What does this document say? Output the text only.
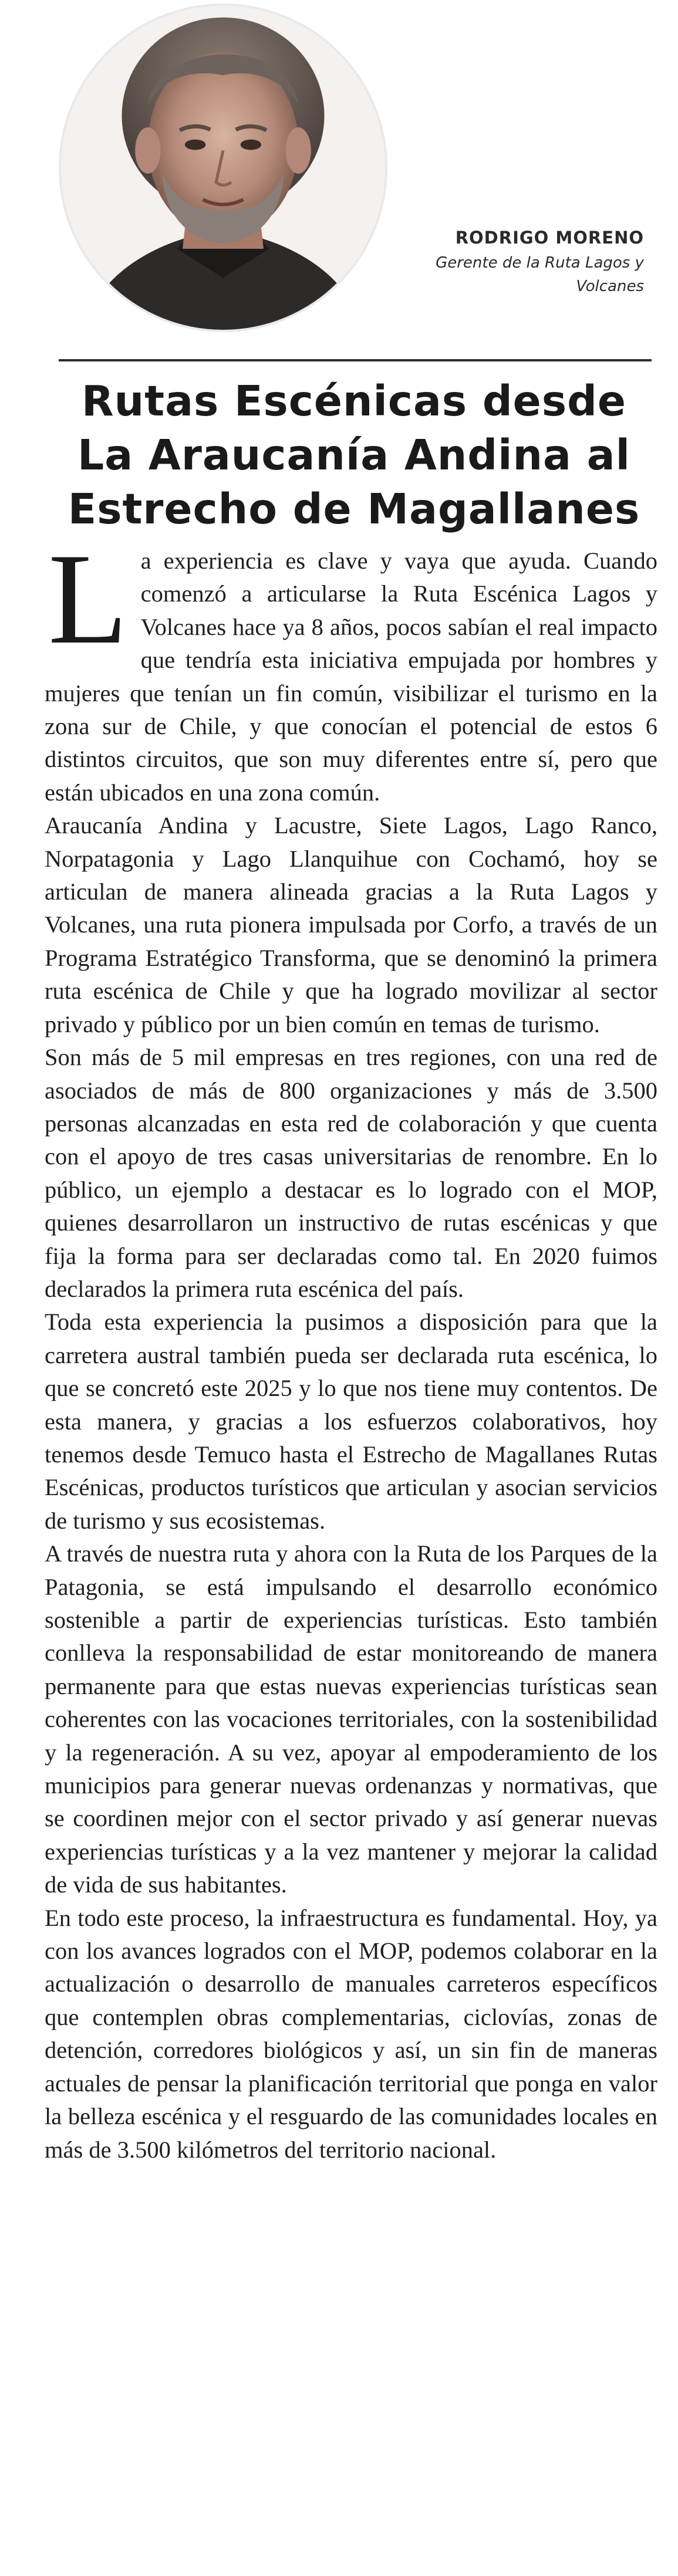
RODRIGO MORENO
Gerente de la Ruta Lagos y Volcanes
Rutas Escénicas desde La Araucanía Andina al Estrecho de Magallanes

La experiencia es clave y vaya que ayuda. Cuando comenzó a articularse la Ruta Escénica Lagos y Volcanes hace ya 8 años, pocos sabían el real impacto que tendría esta iniciativa empujada por hombres y mujeres que tenían un fin común, visibilizar el turismo en la zona sur de Chile, y que conocían el potencial de estos 6 distintos circuitos, que son muy diferentes entre sí, pero que están ubicados en una zona común.

Araucanía Andina y Lacustre, Siete Lagos, Lago Ranco, Norpatagonia y Lago Llanquihue con Cochamó, hoy se articulan de manera alineada gracias a la Ruta Lagos y Volcanes, una ruta pionera impulsada por Corfo, a través de un Programa Estratégico Transforma, que se denominó la primera ruta escénica de Chile y que ha logrado movilizar al sector privado y público por un bien común en temas de turismo.

Son más de 5 mil empresas en tres regiones, con una red de asociados de más de 800 organizaciones y más de 3.500 personas alcanzadas en esta red de colaboración y que cuenta con el apoyo de tres casas universitarias de renombre. En lo público, un ejemplo a destacar es lo logrado con el MOP, quienes desarrollaron un instructivo de rutas escénicas y que fija la forma para ser declaradas como tal. En 2020 fuimos declarados la primera ruta escénica del país.

Toda esta experiencia la pusimos a disposición para que la carretera austral también pueda ser declarada ruta escénica, lo que se concretó este 2025 y lo que nos tiene muy contentos. De esta manera, y gracias a los esfuerzos colaborativos, hoy tenemos desde Temuco hasta el Estrecho de Magallanes Rutas Escénicas, productos turísticos que articulan y asocian servicios de turismo y sus ecosistemas.

A través de nuestra ruta y ahora con la Ruta de los Parques de la Patagonia, se está impulsando el desarrollo económico sostenible a partir de experiencias turísticas. Esto también conlleva la responsabilidad de estar monitoreando de manera permanente para que estas nuevas experiencias turísticas sean coherentes con las vocaciones territoriales, con la sostenibilidad y la regeneración. A su vez, apoyar al empoderamiento de los municipios para generar nuevas ordenanzas y normativas, que se coordinen mejor con el sector privado y así generar nuevas experiencias turísticas y a la vez mantener y mejorar la calidad de vida de sus habitantes.

En todo este proceso, la infraestructura es fundamental. Hoy, ya con los avances logrados con el MOP, podemos colaborar en la actualización o desarrollo de manuales carreteros específicos que contemplen obras complementarias, ciclovías, zonas de detención, corredores biológicos y así, un sin fin de maneras actuales de pensar la planificación territorial que ponga en valor la belleza escénica y el resguardo de las comunidades locales en más de 3.500 kilómetros del territorio nacional.
